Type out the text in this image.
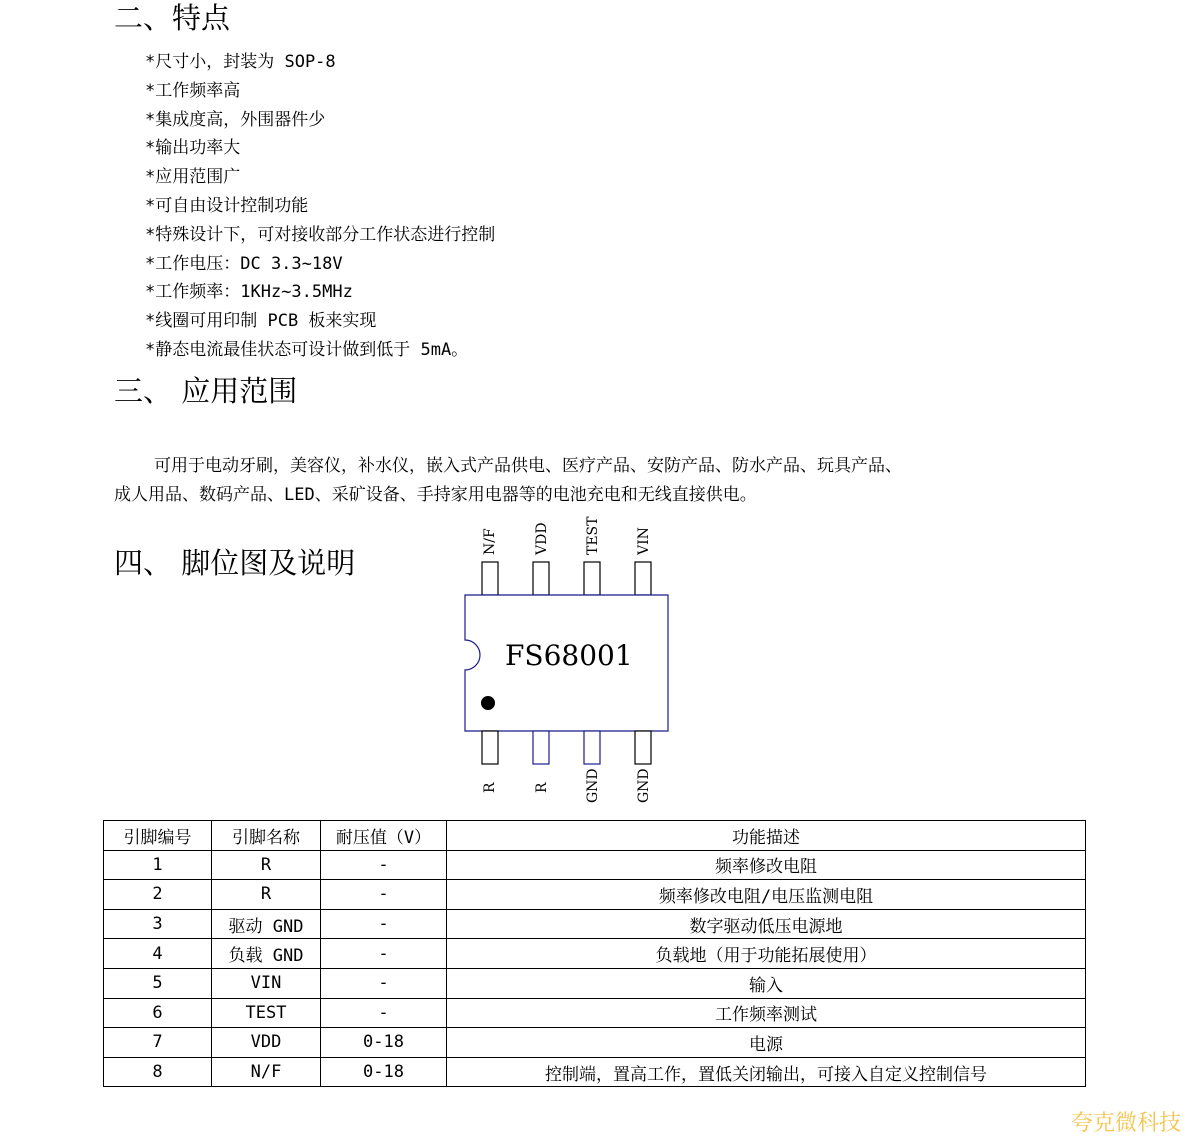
二、特点
*尺寸小，封装为 SOP-8
*工作频率高
*集成度高，外围器件少
*输出功率大
*应用范围广
*可自由设计控制功能
*特殊设计下，可对接收部分工作状态进行控制
*工作电压：DC 3.3~18V
*工作频率：1KHz~3.5MHz
*线圈可用印制 PCB 板来实现
*静态电流最佳状态可设计做到低于 5mA。
三、 应用范围
可用于电动牙刷，美容仪，补水仪，嵌入式产品供电、医疗产品、安防产品、防水产品、玩具产品、
成人用品、数码产品、LED、采矿设备、手持家用电器等的电池充电和无线直接供电。
四、 脚位图及说明
N/F	VDD	TEST	VIN
FS68001
R	R	GND	GND
引脚编号	引脚名称	耐压值（V）	功能描述
1	R	-	频率修改电阻
2	R	-	频率修改电阻/电压监测电阻
3	驱动 GND	-	数字驱动低压电源地
4	负载 GND	-	负载地（用于功能拓展使用）
5	VIN	-	输入
6	TEST	-	工作频率测试
7	VDD	0-18	电源
8	N/F	0-18	控制端，置高工作，置低关闭输出，可接入自定义控制信号
夸克微科技
